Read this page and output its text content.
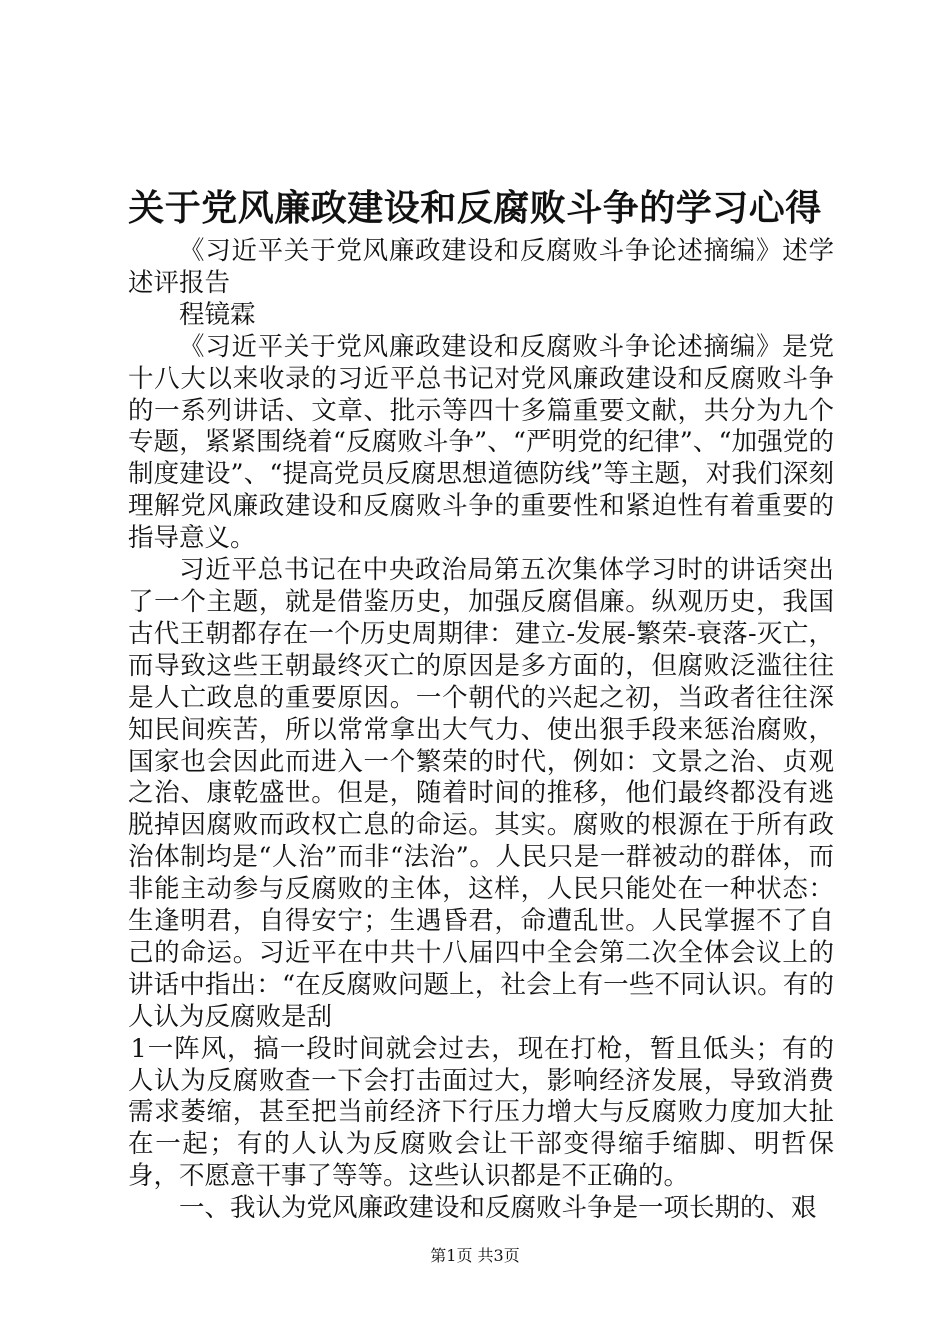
关于党风廉政建设和反腐败斗争的学习心得

《习近平关于党风廉政建设和反腐败斗争论述摘编》述学述评报告

程镜霖

《习近平关于党风廉政建设和反腐败斗争论述摘编》是党十八大以来收录的习近平总书记对党风廉政建设和反腐败斗争的一系列讲话、文章、批示等四十多篇重要文献，共分为九个专题，紧紧围绕着“反腐败斗争”、“严明党的纪律”、“加强党的制度建设”、“提高党员反腐思想道德防线”等主题，对我们深刻理解党风廉政建设和反腐败斗争的重要性和紧迫性有着重要的指导意义。

习近平总书记在中央政治局第五次集体学习时的讲话突出了一个主题，就是借鉴历史，加强反腐倡廉。纵观历史，我国古代王朝都存在一个历史周期律：建立-发展-繁荣-衰落-灭亡，而导致这些王朝最终灭亡的原因是多方面的，但腐败泛滥往往是人亡政息的重要原因。一个朝代的兴起之初，当政者往往深知民间疾苦，所以常常拿出大气力、使出狠手段来惩治腐败，国家也会因此而进入一个繁荣的时代，例如：文景之治、贞观之治、康乾盛世。但是，随着时间的推移，他们最终都没有逃脱掉因腐败而政权亡息的命运。其实。腐败的根源在于所有政治体制均是“人治”而非“法治”。人民只是一群被动的群体，而非能主动参与反腐败的主体，这样，人民只能处在一种状态：生逢明君，自得安宁；生遇昏君，命遭乱世。人民掌握不了自己的命运。习近平在中共十八届四中全会第二次全体会议上的讲话中指出：“在反腐败问题上，社会上有一些不同认识。有的人认为反腐败是刮

1一阵风，搞一段时间就会过去，现在打枪，暂且低头；有的人认为反腐败查一下会打击面过大，影响经济发展，导致消费需求萎缩，甚至把当前经济下行压力增大与反腐败力度加大扯在一起；有的人认为反腐败会让干部变得缩手缩脚、明哲保身，不愿意干事了等等。这些认识都是不正确的。

一、我认为党风廉政建设和反腐败斗争是一项长期的、艰

第1页 共3页
